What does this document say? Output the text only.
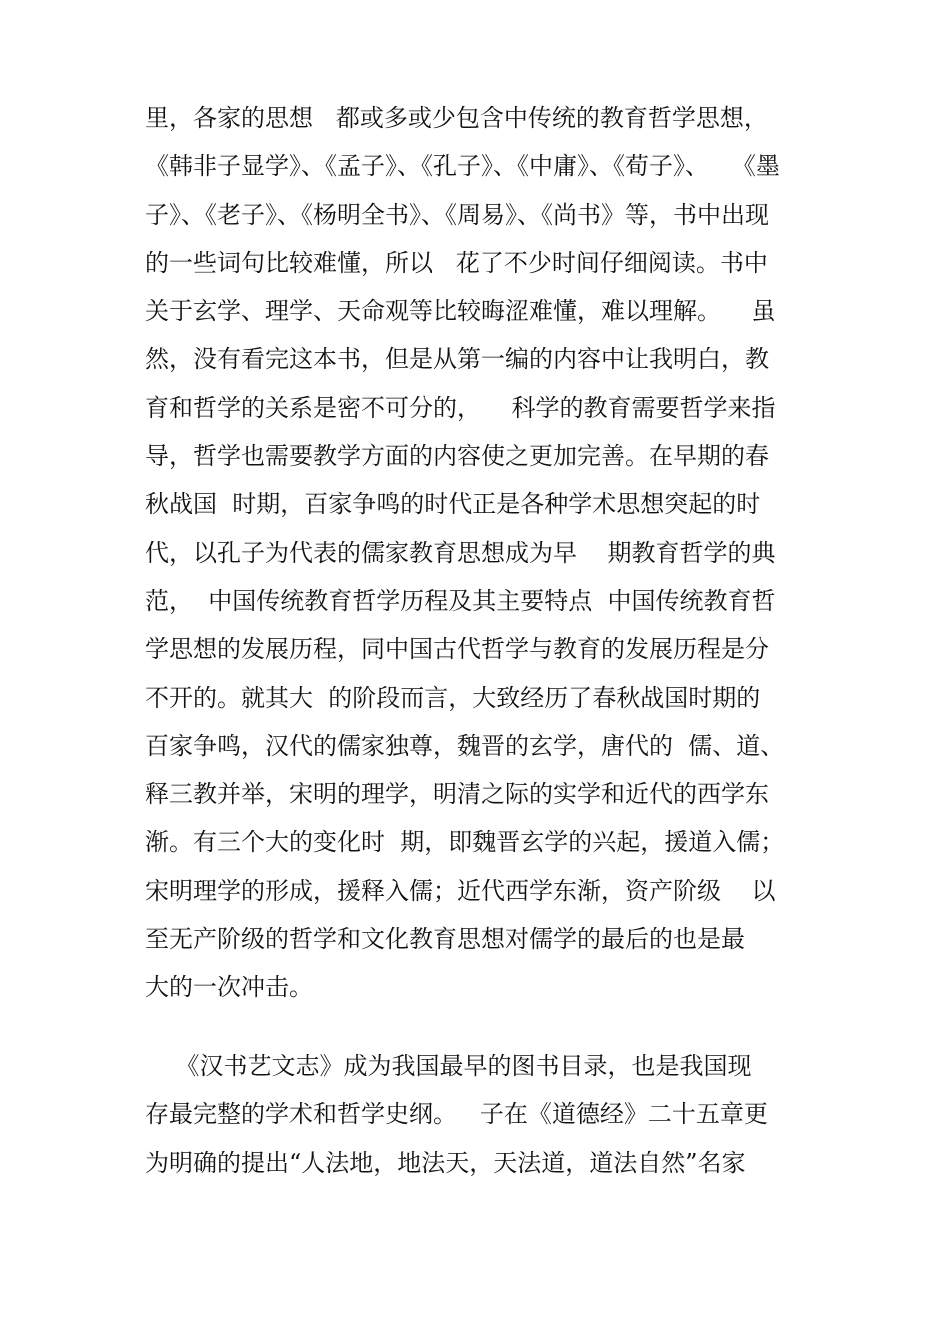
里，各家的思想   都或多或少包含中传统的教育哲学思想，
《韩非子显学》、《孟子》、《孔子》、《中庸》、《荀子》、   《墨
子》、《老子》、《杨明全书》、《周易》、《尚书》等，书中出现
的一些词句比较难懂，所以   花了不少时间仔细阅读。书中
关于玄学、理学、天命观等比较晦涩难懂，难以理解。    虽
然，没有看完这本书，但是从第一编的内容中让我明白，教
育和哲学的关系是密不可分的，    科学的教育需要哲学来指
导，哲学也需要教学方面的内容使之更加完善。在早期的春
秋战国  时期，百家争鸣的时代正是各种学术思想突起的时
代，以孔子为代表的儒家教育思想成为早    期教育哲学的典
范，  中国传统教育哲学历程及其主要特点  中国传统教育哲
学思想的发展历程，同中国古代哲学与教育的发展历程是分
不开的。就其大  的阶段而言，大致经历了春秋战国时期的
百家争鸣，汉代的儒家独尊，魏晋的玄学，唐代的  儒、道、
释三教并举，宋明的理学，明清之际的实学和近代的西学东
渐。有三个大的变化时  期，即魏晋玄学的兴起，援道入儒；
宋明理学的形成，援释入儒；近代西学东渐，资产阶级    以
至无产阶级的哲学和文化教育思想对儒学的最后的也是最
大的一次冲击。
《汉书艺文志》成为我国最早的图书目录，也是我国现
存最完整的学术和哲学史纲。   子在《道德经》二十五章更
为明确的提出“人法地，地法天，天法道，道法自然”名家
